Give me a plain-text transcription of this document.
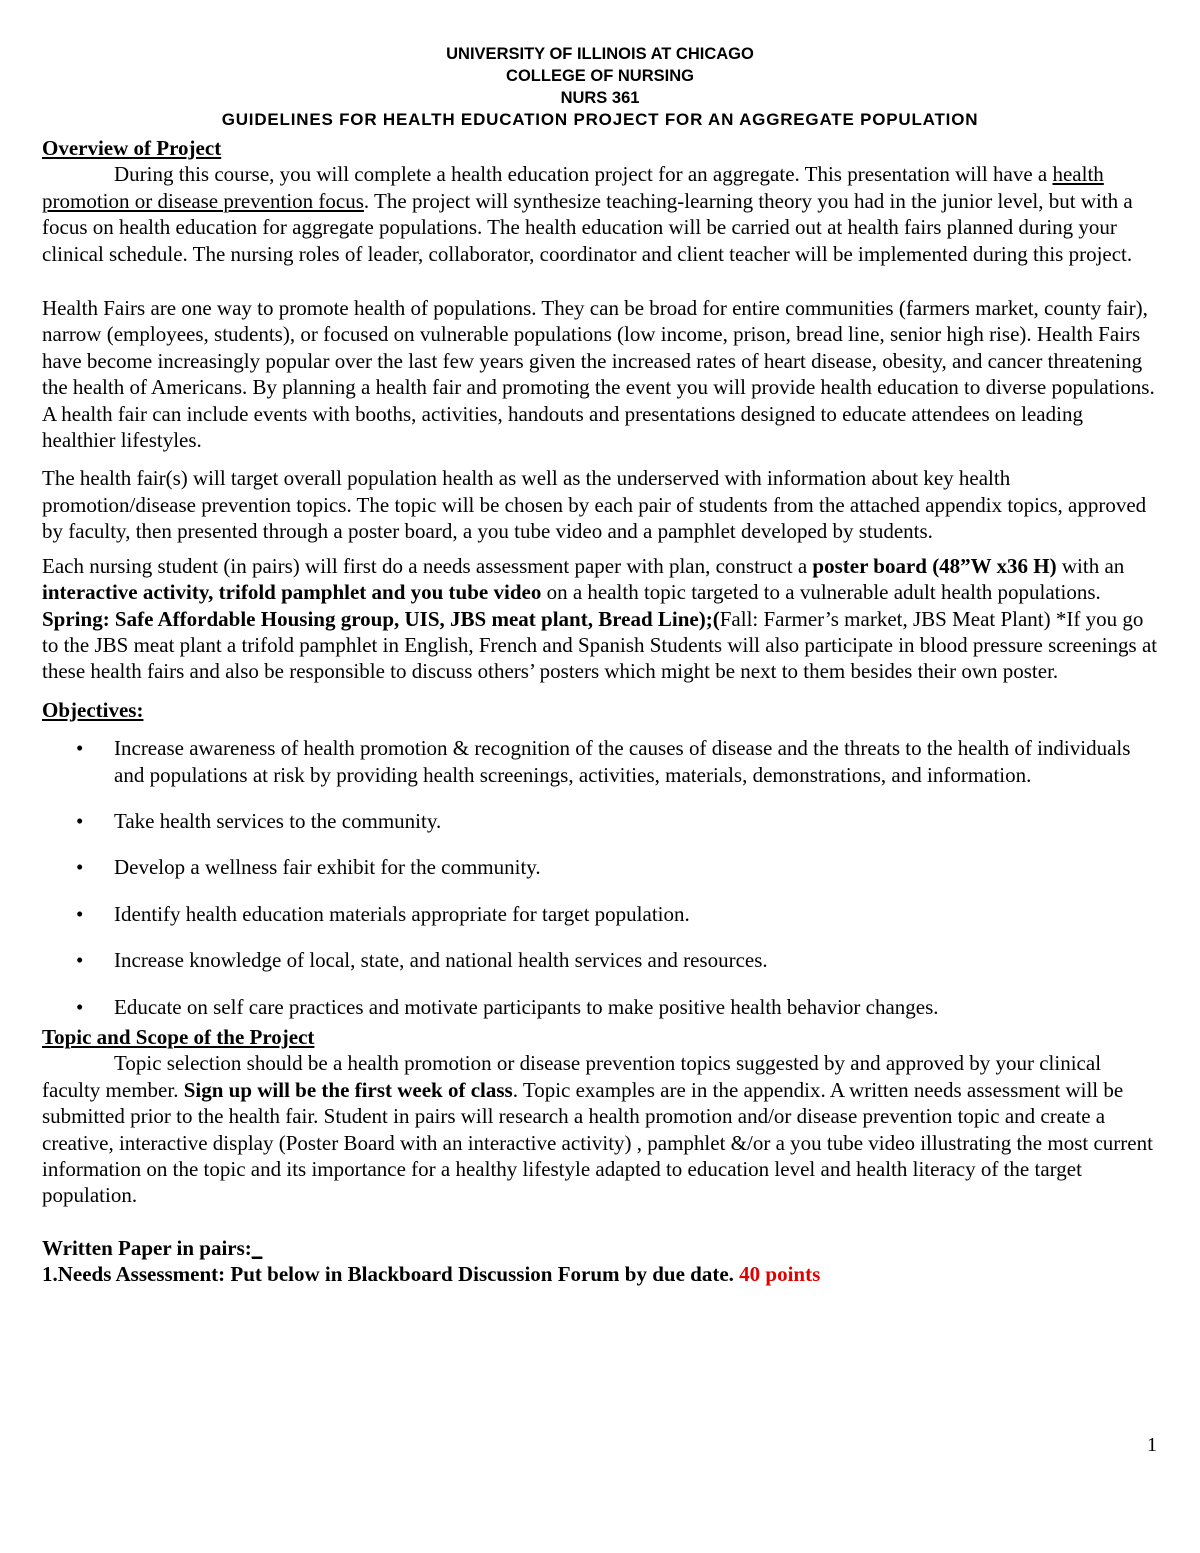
UNIVERSITY OF ILLINOIS AT CHICAGO

COLLEGE OF NURSING

NURS 361

GUIDELINES FOR HEALTH EDUCATION PROJECT FOR AN AGGREGATE POPULATION

Overview of Project

During this course, you will complete a health education project for an aggregate. This presentation will have a health promotion or disease prevention focus. The project will synthesize teaching-learning theory you had in the junior level, but with a focus on health education for aggregate populations. The health education will be carried out at health fairs planned during your clinical schedule. The nursing roles of leader, collaborator, coordinator and client teacher will be implemented during this project.

Health Fairs are one way to promote health of populations. They can be broad for entire communities (farmers market, county fair), narrow (employees, students), or focused on vulnerable populations (low income, prison, bread line, senior high rise). Health Fairs have become increasingly popular over the last few years given the increased rates of heart disease, obesity, and cancer threatening the health of Americans. By planning a health fair and promoting the event you will provide health education to diverse populations. A health fair can include events with booths, activities, handouts and presentations designed to educate attendees on leading healthier lifestyles.

The health fair(s) will target overall population health as well as the underserved with information about key health promotion/disease prevention topics. The topic will be chosen by each pair of students from the attached appendix topics, approved by faculty, then presented through a poster board, a you tube video and a pamphlet developed by students.

Each nursing student (in pairs) will first do a needs assessment paper with plan, construct a poster board (48”W x36 H) with an interactive activity, trifold pamphlet and you tube video on a health topic targeted to a vulnerable adult health populations. Spring: Safe Affordable Housing group, UIS, JBS meat plant, Bread Line);(Fall: Farmer’s market, JBS Meat Plant) *If you go to the JBS meat plant a trifold pamphlet in English, French and Spanish Students will also participate in blood pressure screenings at these health fairs and also be responsible to discuss others’ posters which might be next to them besides their own poster.

Objectives:

• Increase awareness of health promotion & recognition of the causes of disease and the threats to the health of individuals and populations at risk by providing health screenings, activities, materials, demonstrations, and information.
• Take health services to the community.
• Develop a wellness fair exhibit for the community.
• Identify health education materials appropriate for target population.
• Increase knowledge of local, state, and national health services and resources.
• Educate on self care practices and motivate participants to make positive health behavior changes.

Topic and Scope of the Project

Topic selection should be a health promotion or disease prevention topics suggested by and approved by your clinical faculty member. Sign up will be the first week of class. Topic examples are in the appendix. A written needs assessment will be submitted prior to the health fair. Student in pairs will research a health promotion and/or disease prevention topic and create a creative, interactive display (Poster Board with an interactive activity) , pamphlet &/or a you tube video illustrating the most current information on the topic and its importance for a healthy lifestyle adapted to education level and health literacy of the target population.

Written Paper in pairs:_

1.Needs Assessment: Put below in Blackboard Discussion Forum by due date. 40 points

1
